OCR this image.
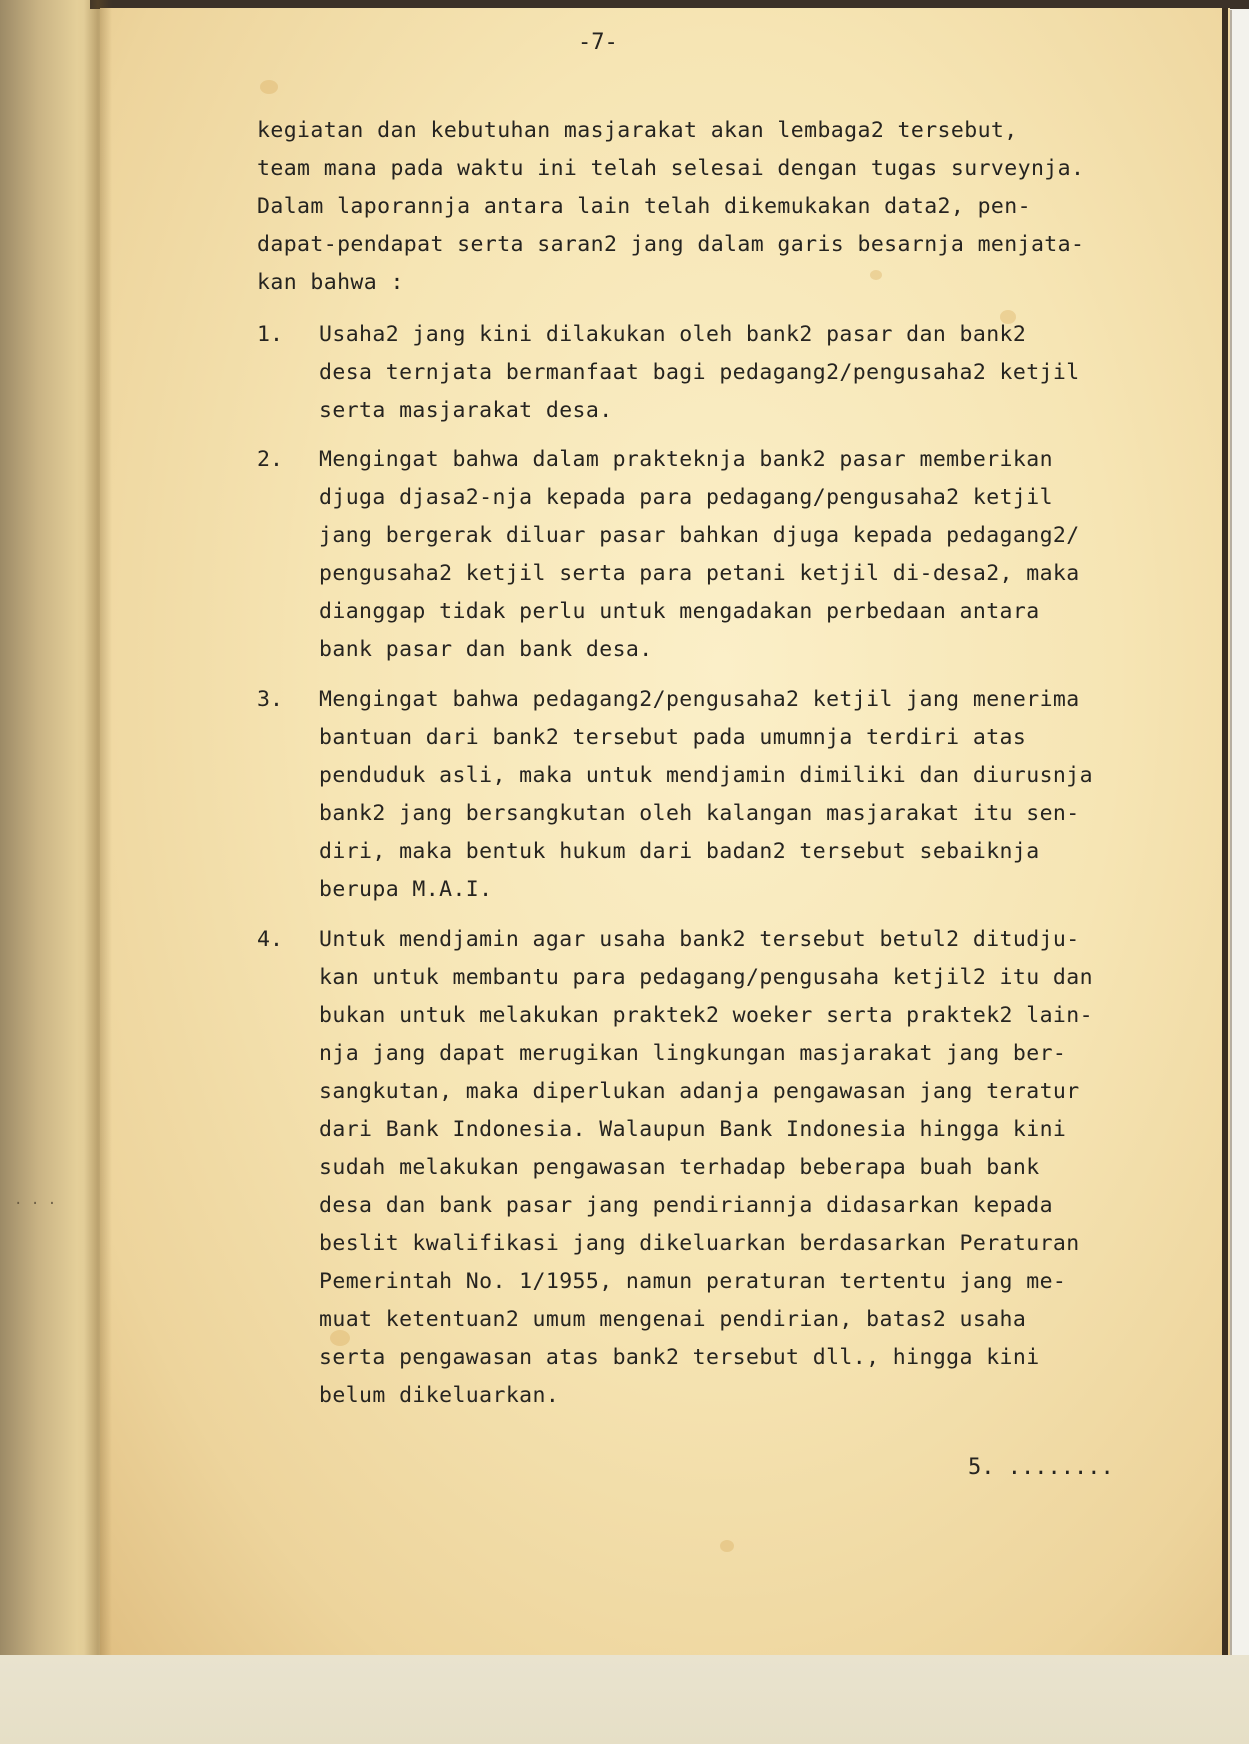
· · ·

-7-

kegiatan dan kebutuhan masjarakat akan lembaga2 tersebut,

team mana pada waktu ini telah selesai dengan tugas surveynja.

Dalam laporannja antara lain telah dikemukakan data2, pen-

dapat-pendapat serta saran2 jang dalam garis besarnja menjata-

kan bahwa :

1. Usaha2 jang kini dilakukan oleh bank2 pasar dan bank2

desa ternjata bermanfaat bagi pedagang2/pengusaha2 ketjil

serta masjarakat desa.

2. Mengingat bahwa dalam prakteknja bank2 pasar memberikan

djuga djasa2-nja kepada para pedagang/pengusaha2 ketjil

jang bergerak diluar pasar bahkan djuga kepada pedagang2/

pengusaha2 ketjil serta para petani ketjil di-desa2, maka

dianggap tidak perlu untuk mengadakan perbedaan antara

bank pasar dan bank desa.

3. Mengingat bahwa pedagang2/pengusaha2 ketjil jang menerima

bantuan dari bank2 tersebut pada umumnja terdiri atas

penduduk asli, maka untuk mendjamin dimiliki dan diurusnja

bank2 jang bersangkutan oleh kalangan masjarakat itu sen-

diri, maka bentuk hukum dari badan2 tersebut sebaiknja

berupa M.A.I.

4. Untuk mendjamin agar usaha bank2 tersebut betul2 ditudju-

kan untuk membantu para pedagang/pengusaha ketjil2 itu dan

bukan untuk melakukan praktek2 woeker serta praktek2 lain-

nja jang dapat merugikan lingkungan masjarakat jang ber-

sangkutan, maka diperlukan adanja pengawasan jang teratur

dari Bank Indonesia. Walaupun Bank Indonesia hingga kini

sudah melakukan pengawasan terhadap beberapa buah bank

desa dan bank pasar jang pendiriannja didasarkan kepada

beslit kwalifikasi jang dikeluarkan berdasarkan Peraturan

Pemerintah No. 1/1955, namun peraturan tertentu jang me-

muat ketentuan2 umum mengenai pendirian, batas2 usaha

serta pengawasan atas bank2 tersebut dll., hingga kini

belum dikeluarkan.

5. ........
